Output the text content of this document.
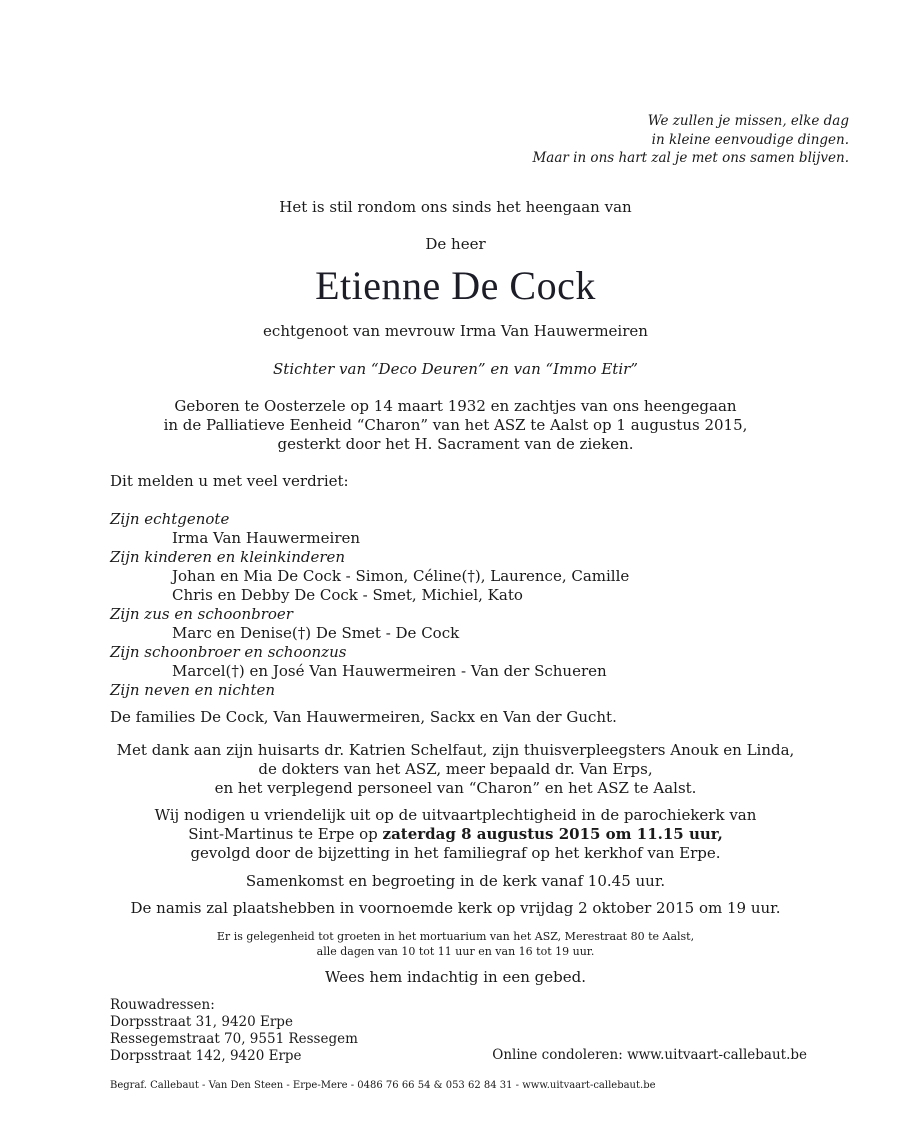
We zullen je missen, elke dag
in kleine eenvoudige dingen.
Maar in ons hart zal je met ons samen blijven.
Het is stil rondom ons sinds het heengaan van
De heer
Etienne De Cock
echtgenoot van mevrouw Irma Van Hauwermeiren
Stichter van “Deco Deuren” en van “Immo Etir”
Geboren te Oosterzele op 14 maart 1932 en zachtjes van ons heengegaan
in de Palliatieve Eenheid “Charon” van het ASZ te Aalst op 1 augustus 2015,
gesterkt door het H. Sacrament van de zieken.
Dit melden u met veel verdriet:
Zijn echtgenote
Irma Van Hauwermeiren
Zijn kinderen en kleinkinderen
Johan en Mia De Cock - Simon, Céline(†), Laurence, Camille
Chris en Debby De Cock - Smet, Michiel, Kato
Zijn zus en schoonbroer
Marc en Denise(†) De Smet - De Cock
Zijn schoonbroer en schoonzus
Marcel(†) en José Van Hauwermeiren - Van der Schueren
Zijn neven en nichten
De families De Cock, Van Hauwermeiren, Sackx en Van der Gucht.
Met dank aan zijn huisarts dr. Katrien Schelfaut, zijn thuisverpleegsters Anouk en Linda,
de dokters van het ASZ, meer bepaald dr. Van Erps,
en het verplegend personeel van “Charon” en het ASZ te Aalst.
Wij nodigen u vriendelijk uit op de uitvaartplechtigheid in de parochiekerk van
Sint-Martinus te Erpe op zaterdag 8 augustus 2015 om 11.15 uur,
gevolgd door de bijzetting in het familiegraf op het kerkhof van Erpe.
Samenkomst en begroeting in de kerk vanaf 10.45 uur.
De namis zal plaatshebben in voornoemde kerk op vrijdag 2 oktober 2015 om 19 uur.
Er is gelegenheid tot groeten in het mortuarium van het ASZ, Merestraat 80 te Aalst,
alle dagen van 10 tot 11 uur en van 16 tot 19 uur.
Wees hem indachtig in een gebed.
Rouwadressen:
Dorpsstraat 31, 9420 Erpe
Ressegemstraat 70, 9551 Ressegem
Dorpsstraat 142, 9420 Erpe	Online condoleren: www.uitvaart-callebaut.be
Begraf. Callebaut - Van Den Steen - Erpe-Mere - 0486 76 66 54 & 053 62 84 31 - www.uitvaart-callebaut.be
